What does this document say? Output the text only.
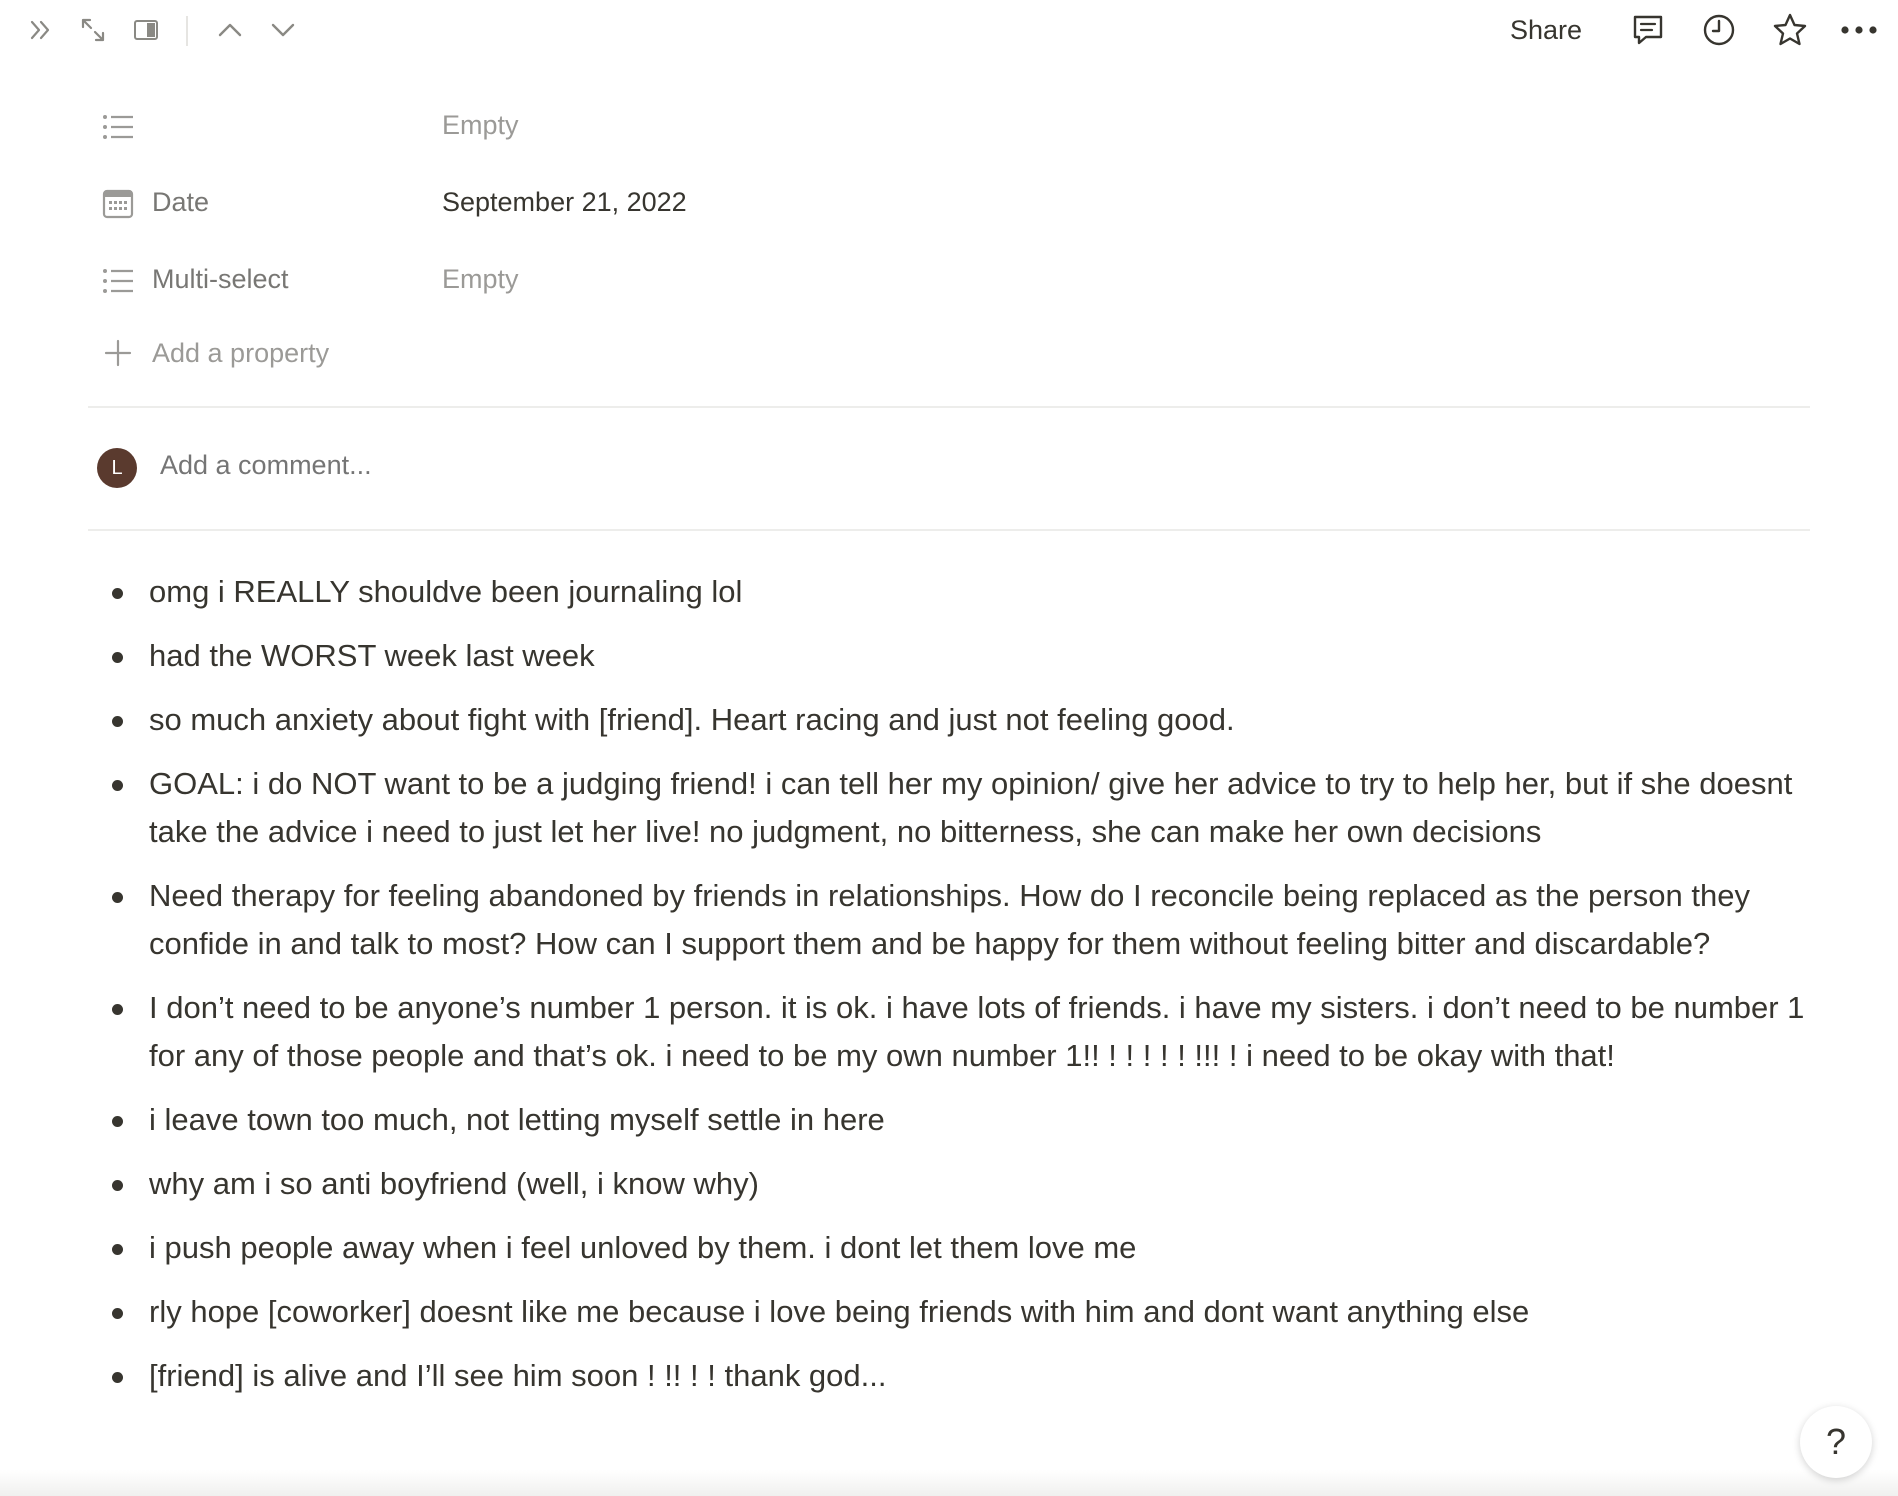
Share
Empty
Date	September 21, 2022
Multi-select	Empty
Add a property
L
Add a comment...
omg i REALLY shouldve been journaling lol
had the WORST week last week
so much anxiety about fight with [friend]. Heart racing and just not feeling good.
GOAL: i do NOT want to be a judging friend! i can tell her my opinion/ give her advice to try to help her, but if she doesnt take the advice i need to just let her live! no judgment, no bitterness, she can make her own decisions
Need therapy for feeling abandoned by friends in relationships. How do I reconcile being replaced as the person they confide in and talk to most? How can I support them and be happy for them without feeling bitter and discardable?
I don’t need to be anyone’s number 1 person. it is ok. i have lots of friends. i have my sisters. i don’t need to be number 1 for any of those people and that’s ok. i need to be my own number 1!! ! ! ! ! ! !!! ! i need to be okay with that!
i leave town too much, not letting myself settle in here
why am i so anti boyfriend (well, i know why)
i push people away when i feel unloved by them. i dont let them love me
rly hope [coworker] doesnt like me because i love being friends with him and dont want anything else
[friend] is alive and I’ll see him soon ! !! ! ! thank god...
?
